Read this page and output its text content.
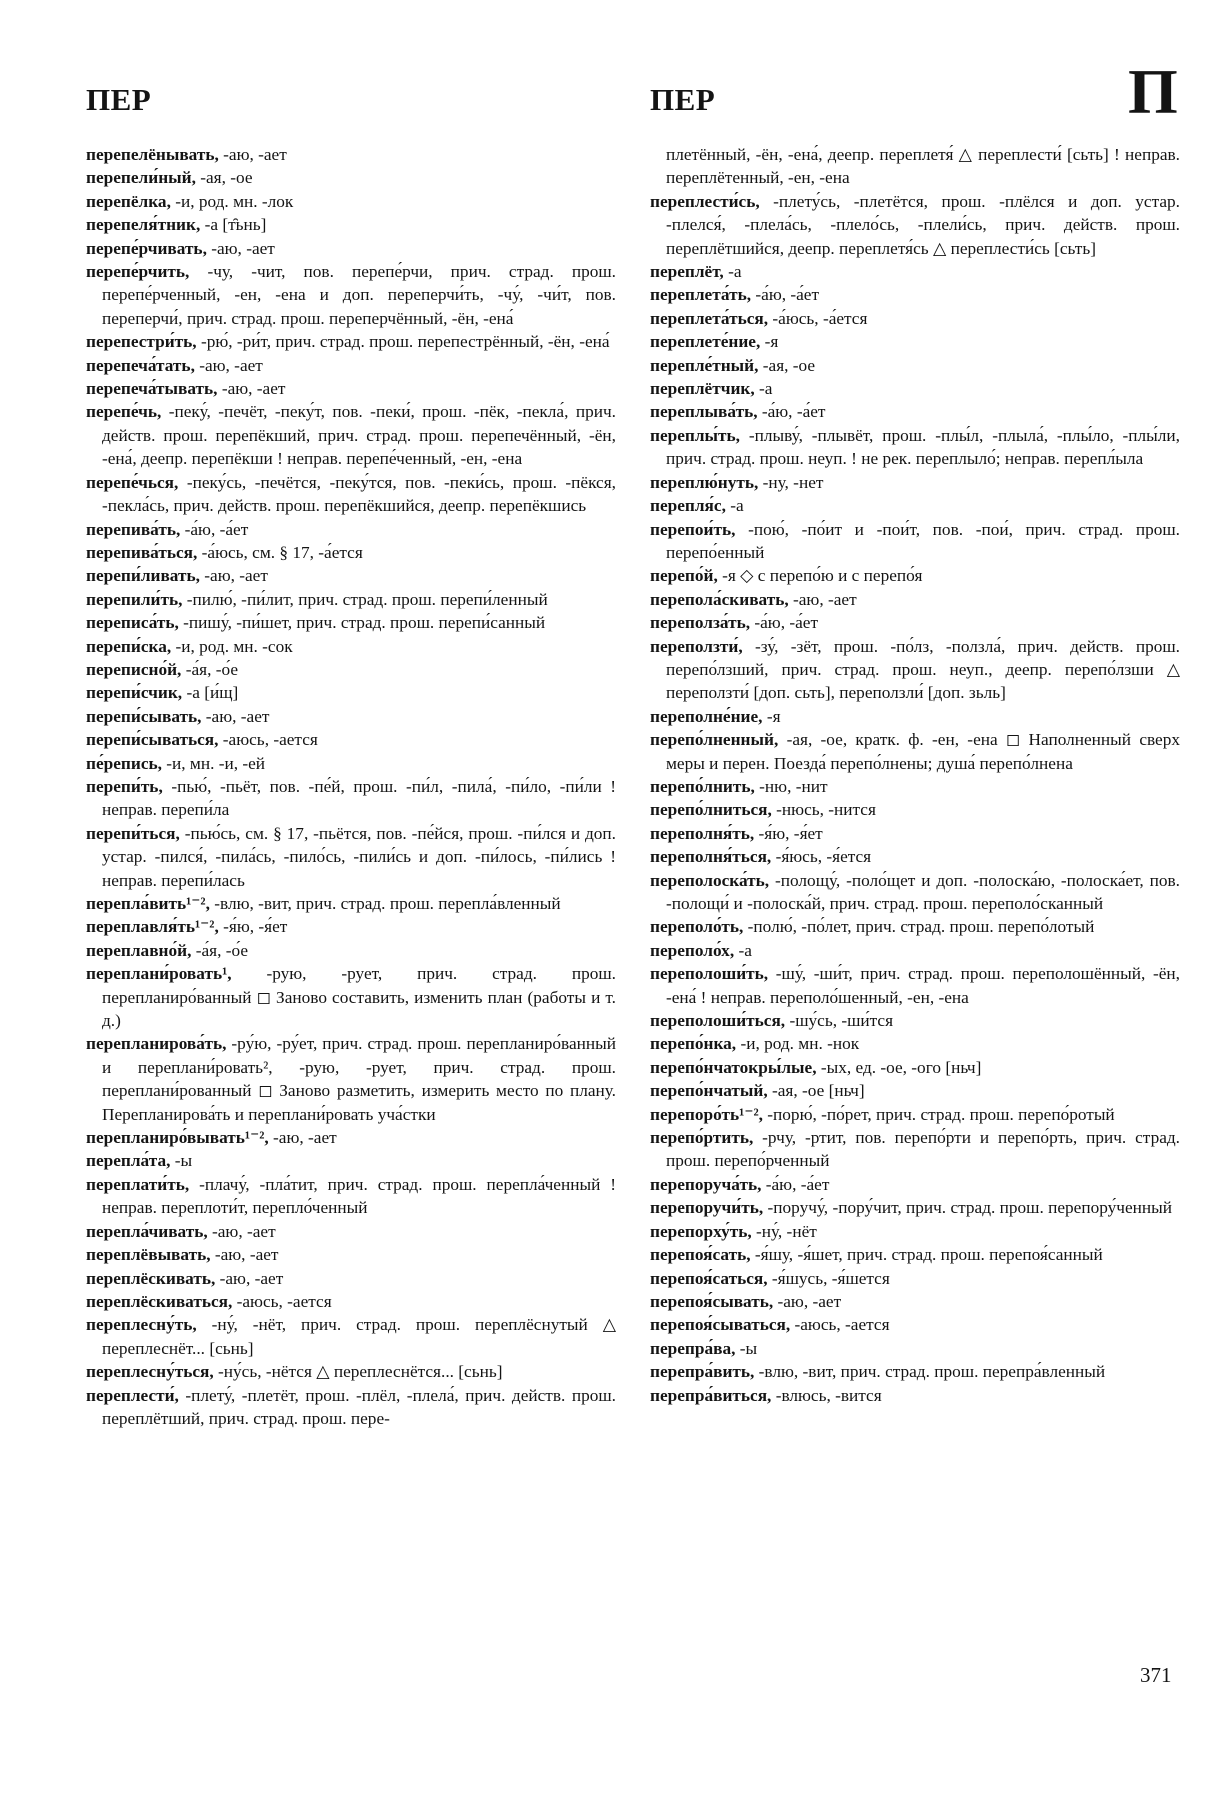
ПЕР	ПЕР	П

перепелёнывать, -аю, -ает

перепели́ный, -ая, -ое

перепёлка, -и, род. мн. -лок

перепеля́тник, -а [т̑ьнь]

перепе́рчивать, -аю, -ает

перепе́рчить, -чу, -чит, пов. перепе́рчи, прич. страд. прош. перепе́рченный, -ен, -ена и доп. переперчи́ть, -чу́, -чи́т, пов. переперчи́, прич. страд. прош. переперчённый, -ён, -ена́

перепестри́ть, -рю́, -ри́т, прич. страд. прош. перепестрённый, -ён, -ена́

перепеча́тать, -аю, -ает

перепеча́тывать, -аю, -ает

перепе́чь, -пеку́, -печёт, -пеку́т, пов. -пеки́, прош. -пёк, -пекла́, прич. действ. прош. перепёкший, прич. страд. прош. перепечённый, -ён, -ена́, деепр. перепёкши ! неправ. перепе́ченный, -ен, -ена

перепе́чься, -пеку́сь, -печётся, -пеку́тся, пов. -пеки́сь, прош. -пёкся, -пекла́сь, прич. действ. прош. перепёкшийся, деепр. перепёкшись

перепива́ть, -а́ю, -а́ет

перепива́ться, -а́юсь, см. § 17, -а́ется

перепи́ливать, -аю, -ает

перепили́ть, -пилю́, -пи́лит, прич. страд. прош. перепи́ленный

переписа́ть, -пишу́, -пи́шет, прич. страд. прош. перепи́санный

перепи́ска, -и, род. мн. -сок

переписно́й, -а́я, -о́е

перепи́счик, -а [и́щ]

перепи́сывать, -аю, -ает

перепи́сываться, -аюсь, -ается

пе́репись, -и, мн. -и, -ей

перепи́ть, -пью́, -пьёт, пов. -пе́й, прош. -пи́л, -пила́, -пи́ло, -пи́ли ! неправ. перепи́ла

перепи́ться, -пью́сь, см. § 17, -пьётся, пов. -пе́йся, прош. -пи́лся и доп. устар. -пился́, -пила́сь, -пило́сь, -пили́сь и доп. -пи́лось, -пи́лись ! неправ. перепи́лась

перепла́вить¹⁻², -влю, -вит, прич. страд. прош. перепла́вленный

переплавля́ть¹⁻², -я́ю, -я́ет

переплавно́й, -а́я, -о́е

переплани́ровать¹, -рую, -рует, прич. страд. прош. перепланиро́ванный ◻ Заново составить, изменить план (работы и т. д.)

перепланирова́ть, -ру́ю, -ру́ет, прич. страд. прош. перепланиро́ванный и переплани́ровать², -рую, -рует, прич. страд. прош. переплани́рованный ◻ Заново разметить, измерить место по плану. Перепланирова́ть и переплани́ровать уча́стки

перепланиро́вывать¹⁻², -аю, -ает

перепла́та, -ы

переплати́ть, -плачу́, -пла́тит, прич. страд. прош. перепла́ченный ! неправ. переплоти́т, перепло́ченный

перепла́чивать, -аю, -ает

переплёвывать, -аю, -ает

переплёскивать, -аю, -ает

переплёскиваться, -аюсь, -ается

переплесну́ть, -ну́, -нёт, прич. страд. прош. переплёснутый △ переплеснёт... [сьнь]

переплесну́ться, -ну́сь, -нётся △ переплеснётся... [сьнь]

переплести́, -плету́, -плетёт, прош. -плёл, -плела́, прич. действ. прош. переплётший, прич. страд. прош. пере-

плетённый, -ён, -ена́, деепр. переплетя́ △ переплести́ [сьть] ! неправ. переплётенный, -ен, -ена

переплести́сь, -плету́сь, -плетётся, прош. -плёлся и доп. устар. -плелся́, -плела́сь, -плело́сь, -плели́сь, прич. действ. прош. переплётшийся, деепр. переплетя́сь △ переплести́сь [сьть]

переплёт, -а

переплета́ть, -а́ю, -а́ет

переплета́ться, -а́юсь, -а́ется

переплете́ние, -я

перепле́тный, -ая, -ое

переплётчик, -а

переплыва́ть, -а́ю, -а́ет

переплы́ть, -плыву́, -плывёт, прош. -плы́л, -плыла́, -плы́ло, -плы́ли, прич. страд. прош. неуп. ! не рек. переплыло́; неправ. перепл́ыла

переплю́нуть, -ну, -нет

перепля́с, -а

перепои́ть, -пою́, -по́ит и -пои́т, пов. -пои́, прич. страд. прош. перепо́енный

перепо́й, -я ◇ с перепо́ю и с перепо́я

перепола́скивать, -аю, -ает

переполза́ть, -а́ю, -а́ет

переползти́, -зу́, -зёт, прош. -по́лз, -ползла́, прич. действ. прош. перепо́лзший, прич. страд. прош. неуп., деепр. перепо́лзши △ переползти́ [доп. сьть], переползли́ [доп. зьль]

переполне́ние, -я

перепо́лненный, -ая, -ое, кратк. ф. -ен, -ена ◻ Наполненный сверх меры и перен. Поезда́ перепо́лнены; душа́ перепо́лнена

перепо́лнить, -ню, -нит

перепо́лниться, -нюсь, -нится

переполня́ть, -я́ю, -я́ет

переполня́ться, -я́юсь, -я́ется

переполоска́ть, -полощу́, -поло́щет и доп. -полоска́ю, -полоска́ет, пов. -полощи́ и -полоска́й, прич. страд. прош. переполо́сканный

переполо́ть, -полю́, -по́лет, прич. страд. прош. перепо́лотый

переполо́х, -а

переполоши́ть, -шу́, -ши́т, прич. страд. прош. переполошённый, -ён, -ена́ ! неправ. переполо́шенный, -ен, -ена

переполоши́ться, -шу́сь, -ши́тся

перепо́нка, -и, род. мн. -нок

перепо́нчатокры́лые, -ых, ед. -ое, -ого [ньч]

перепо́нчатый, -ая, -ое [ньч]

перепоро́ть¹⁻², -порю́, -по́рет, прич. страд. прош. перепо́ротый

перепо́ртить, -рчу, -ртит, пов. перепо́рти и перепо́рть, прич. страд. прош. перепо́рченный

перепоруча́ть, -а́ю, -а́ет

перепоручи́ть, -поручу́, -пору́чит, прич. страд. прош. перепору́ченный

перепорху́ть, -ну́, -нёт

перепоя́сать, -я́шу, -я́шет, прич. страд. прош. перепоя́санный

перепоя́саться, -я́шусь, -я́шется

перепоя́сывать, -аю, -ает

перепоя́сываться, -аюсь, -ается

перепра́ва, -ы

перепра́вить, -влю, -вит, прич. страд. прош. перепра́вленный

перепра́виться, -влюсь, -вится

371
